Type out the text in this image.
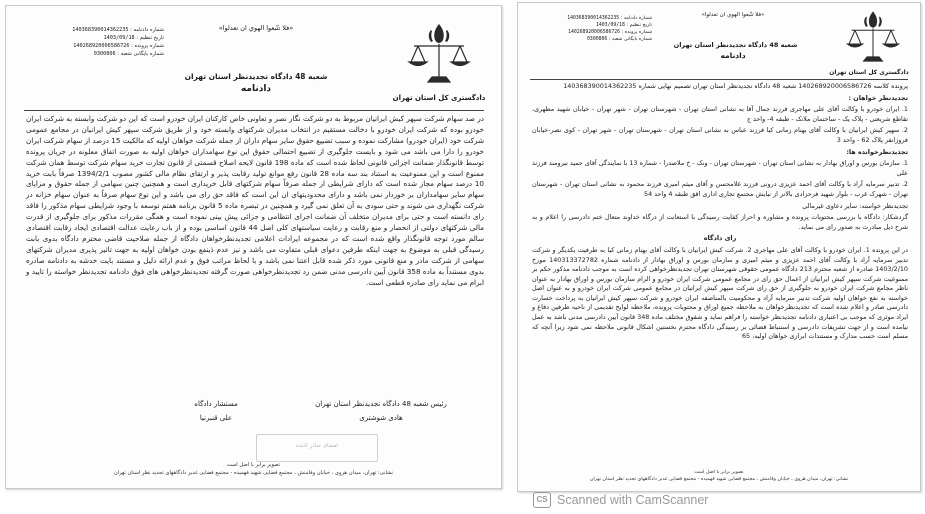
دادگستری کل استان تهران
«فلا تتّبعوا الهوي ان تعدلوا»
شعبه 48 دادگاه تجدیدنظر استان تهران
دادنامه
شماره دادنامه : 140368390014362235
تاریخ تنظیم : 1403/09/18
شماره پرونده : 140268920006586726
شماره بایگانی شعبه : 0300806

در صد سهام شرکت سپهر کیش ایرانیان مربوط به دو شرکت نگار نصر و تعاونی خاص کارکنان ایران خودرو است که این دو شرکت وابسته به شرکت ایران خودرو بوده که شرکت ایران خودرو با دخالت مستقیم در انتخاب مدیران شرکتهای وابسته خود و از طریق شرکت سپهر کیش ایرانیان در مجامع عمومی شرکت خود (ایران خودرو) مشارکت نموده و سبب تضییع حقوق سایر سهام داران از جمله شرکت خواهان اولیه که مالکیت 15 درصد از سهام شرکت ایران خودرو را دارا می باشد می شود و بایست جلوگیری از تضییع احتمالی حقوق این نوع سهامداران خواهان اولیه به صورت اتفاق معلونه در جریان پرونده توسط قانونگذار ضمانت اجرائی قانونی لحاظ شده است که ماده 198 قانون لایحه اصلاح قسمتی از قانون تجارت خرید سهام شرکت توسط همان شرکت ممنوع است و این ممنوعیت به استناد بند سه ماده 28 قانون رفع موانع تولید رقابت پذیر و ارتقای نظام مالی کشور مصوب 1394/2/1 صرفاً بابت خرید 10 درصد سهام مجاز شده است که دارای شرایطی از جمله صرفاً سهام شرکتهای قابل خریداری است و همچنین چنین سهامی از جمله حقوق و مزایای سهام سایر سهامداران بر خوردار نمی باشد و دارای محدودیتهای ان این است که فاقد حق رای می باشد و این نوع سهام صرفاً به عنوان سهام خزانه در شرکت نگهداری می شوند و حتی سودی به آن تعلق نمی گیرد و همچنین در تبصره ماده 5 قانون برنامه هفتم توسعه با وجود شرایطی سهام مذکور را فاقد رای دانسته است و حتی برای مدیران متخلف آن ضمانت اجرای انتظامی و جزائی پیش بینی نموده است و همگی مقررات مذکور برای جلوگیری از قدرت مالی شرکتهای دولتی از انحصار و منع رقابت و رعایت سیاستهای کلی اصل 44 قانون اساسی بوده و از باب رعایت عدالت اقتصادی ایجاد رقابت اقتصادی سالم مورد توجه قانونگذار واقع شده است که در مجموعه ایرادات اعلامی تجدیدنظرخواهان دادگاه از جمله صلاحیت قاضی محترم دادگاه بدوی بابت رسیدگی قبلی به موضوع به جهت اینکه طرفین دعوای قبلی متفاوت می باشد و نیز عدم ذینفع بودن خواهان اولیه به جهت تاثیر پذیری مدیران شرکتهای سهامی از شرکت مادر و منع قانونی مورد ذکر شده قابل اعتنا نمی باشد و با لحاظ مراتب فوق و عدم ارائه دلیل و مستند بایت خدشه به دادنامه صادره بدوی مستنداً به ماده 358 قانون آیین دادرسی مدنی ضمن رد تجدیدنظرخواهی صورت گرفته تجدیدنظرخواهی های فوق دادنامه تجدیدنظر خواسته را تایید و ابرام می نماید رای صادره قطعی است.

رئیس شعبه 48 دادگاه تجدیدنظر استان تهران
مستشار دادگاه
هادی شوشتری
علی قنبرنیا
امضای صادر کننده
تصویر برابر با اصل است
نشانی: تهران، میدان هروی ، خیابان وفامنش ، مجتمع قضایی شهید فهمیده - مجتمع قضایی غدیر دادگاههای تجدید نظر استان تهران
دادگستری کل استان تهران
«فلا تتّبعوا الهوي ان تعدلوا»
شعبه 48 دادگاه تجدیدنظر استان تهران
دادنامه
شماره دادنامه : 140368390014362235
تاریخ تنظیم : 1403/09/18
شماره پرونده : 140268920006586726
شماره بایگانی شعبه : 0300806

پرونده کلاسه 140268920006586726 شعبه 48 دادگاه تجدیدنظر استان تهران تصمیم نهایی شماره 140368390014362235

تجدیدنظر خواهان :

1. ایران خودرو با وکالت آقای علی مهاجری فرزند جمال آقا به نشانی استان تهران - شهرستان تهران - شهر تهران - خیابان شهید مطهری، تقاطع شریعتی - پلاک یک - ساختمان ملانک - طبقه 4- واحد ج

2. سهپر کیش ایرانیان با وکالت آقای بهنام زمانی کیا فرزند عباس به نشانی استان تهران - شهرستان تهران - شهر تهران - کوی نصر-خیابان فروزانفر پلاک 62 - واحد 3

تجدیدنظرخوانده ها:

1. سازمان بورس و اوراق بهادار به نشانی استان تهران - شهرستان تهران - ونک - خ ملاصدرا - شماره 13 با نمایندگی آقای حمید نیرومند فرزند علی

2. تدبیر سرمایه آراد با وکالت آقای احمد عزیزی درونی فرزند غلامحسن و آقای میثم امیری فرزند محمود به نشانی استان تهران - شهرستان تهران - شهرک غرب - بلوار شهید فرحزادی بالاتر از نیایش مجتمع تجاری اداری اقق طبقه 4 واحد 54

تجدیدنظر خواسته: سایر دعاوی غیرمالی

گردشکار: دادگاه با بررسی محتویات پرونده و مشاوره و احراز کفایت رسیدگی با استعانت از درگاه خداوند متعال ختم دادرسی را اعلام و به شرح ذیل مبادرت به صدور رای می نماید.

رای دادگاه

در این پرونده 1. ایران خودرو با وکالت آقای علی مهاجری 2. شرکت کیش ایرانیان با وکالت آقای بهنام زمانی کیا به طرفیت یکدیگر و شرکت تدبیر سرمایه آراد با وکالت آقای احمد عزیزی و میثم امیری و سازمان بورس و اوراق بهادار از دادنامه شماره 140313372782 مورخ 1403/2/10 صادره از شعبه محترم 213 دادگاه عمومی حقوقی شهرستان تهران تجدیدنظرخواهی کرده است به موجب دادنامه مذکور حکم بر ممنوعیت شرکت سپهر کیش ایرانیان از اعمال حق رای در مجامع عمومی شرکت ایران خودرو و الزام سازمان بورس و اوراق بهادار به عنوان ناظر مجامع شرکت ایران خودرو به جلوگیری از حق رای شرکت سپهر کیش ایرانیان در مجامع عمومی شرکت ایران خودرو و به عنوان اصل خواسته به نفع خواهان اولیه شرکت تدبیر سرمایه آراد و محکومیت بالمناصفه ایران خودرو و شرکت سپهر کیش ایرانیان به پرداخت خسارت دادرسی صادر و اعلام شده است که تجدیدنظرخواهان به ملاحظه جمیع اوراق و محتویات پرونده، ملاحظه لوایح تقدیمی از ناحیه طرفین دفاع و ایراد موثری که موجب بی اعتباری دادنامه تجدیدنظر خواسته را فراهم نماید و شقوق مختلف ماده 348 قانون آیین دادرسی مدنی باشد به عمل نیامده است و از جهت تشریفات دادرسی و استنباط قضائی بر رسیدگی دادگاه محترم نخستین اشکال قانونی ملاحظه نمی شود زیرا آنچه که مسلم است حسب مدارک و مستندات ابرازی خواهان اولیه، 65

تصویر برابر با اصل است
نشانی: تهران، میدان هروی ، خیابان وفامنش ، مجتمع قضایی شهید فهمیده - مجتمع قضایی غدیر دادگاههای تجدید نظر استان تهران
CS Scanned with CamScanner
